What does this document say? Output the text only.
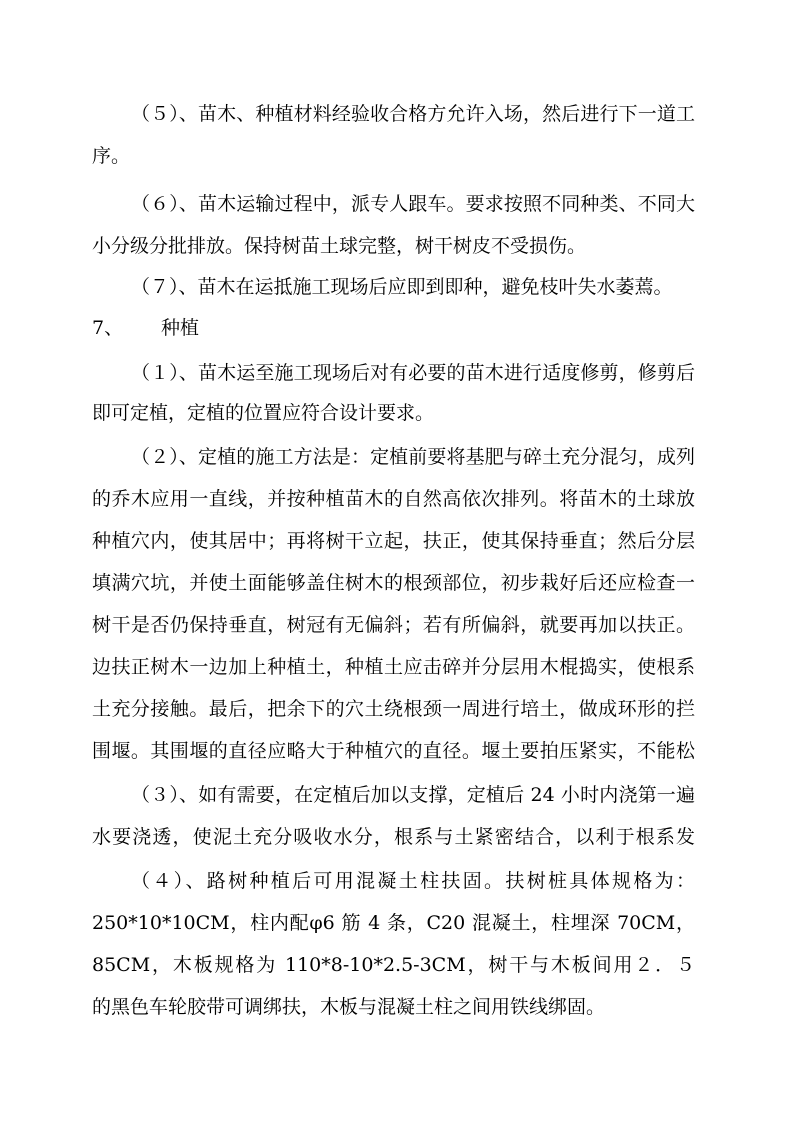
（５）、苗木、种植材料经验收合格方允许入场，然后进行下一道工
序。
（６）、苗木运输过程中，派专人跟车。要求按照不同种类、不同大
小分级分批排放。保持树苗土球完整，树干树皮不受损伤。
（７）、苗木在运抵施工现场后应即到即种，避免枝叶失水萎蔫。
7、 种植
（１）、苗木运至施工现场后对有必要的苗木进行适度修剪，修剪后
即可定植，定植的位置应符合设计要求。
（２）、定植的施工方法是：定植前要将基肥与碎土充分混匀，成列
的乔木应用一直线，并按种植苗木的自然高依次排列。将苗木的土球放
种植穴内，使其居中；再将树干立起，扶正，使其保持垂直；然后分层
填满穴坑，并使土面能够盖住树木的根颈部位，初步栽好后还应检查一
树干是否仍保持垂直，树冠有无偏斜；若有所偏斜，就要再加以扶正。
边扶正树木一边加上种植土，种植土应击碎并分层用木棍捣实，使根系
土充分接触。最后，把余下的穴土绕根颈一周进行培土，做成环形的拦
围堰。其围堰的直径应略大于种植穴的直径。堰土要拍压紧实，不能松
（３）、如有需要，在定植后加以支撑，定植后 24 小时内浇第一遍
水要浇透，使泥土充分吸收水分，根系与土紧密结合，以利于根系发
（４）、路树种植后可用混凝土柱扶固。扶树桩具体规格为：
250*10*10CM，柱内配φ6 筋 4 条，C20 混凝土，柱埋深 70CM，
85CM，木板规格为 110*8-10*2.5-3CM，树干与木板间用２．５
的黑色车轮胶带可调绑扶，木板与混凝土柱之间用铁线绑固。
